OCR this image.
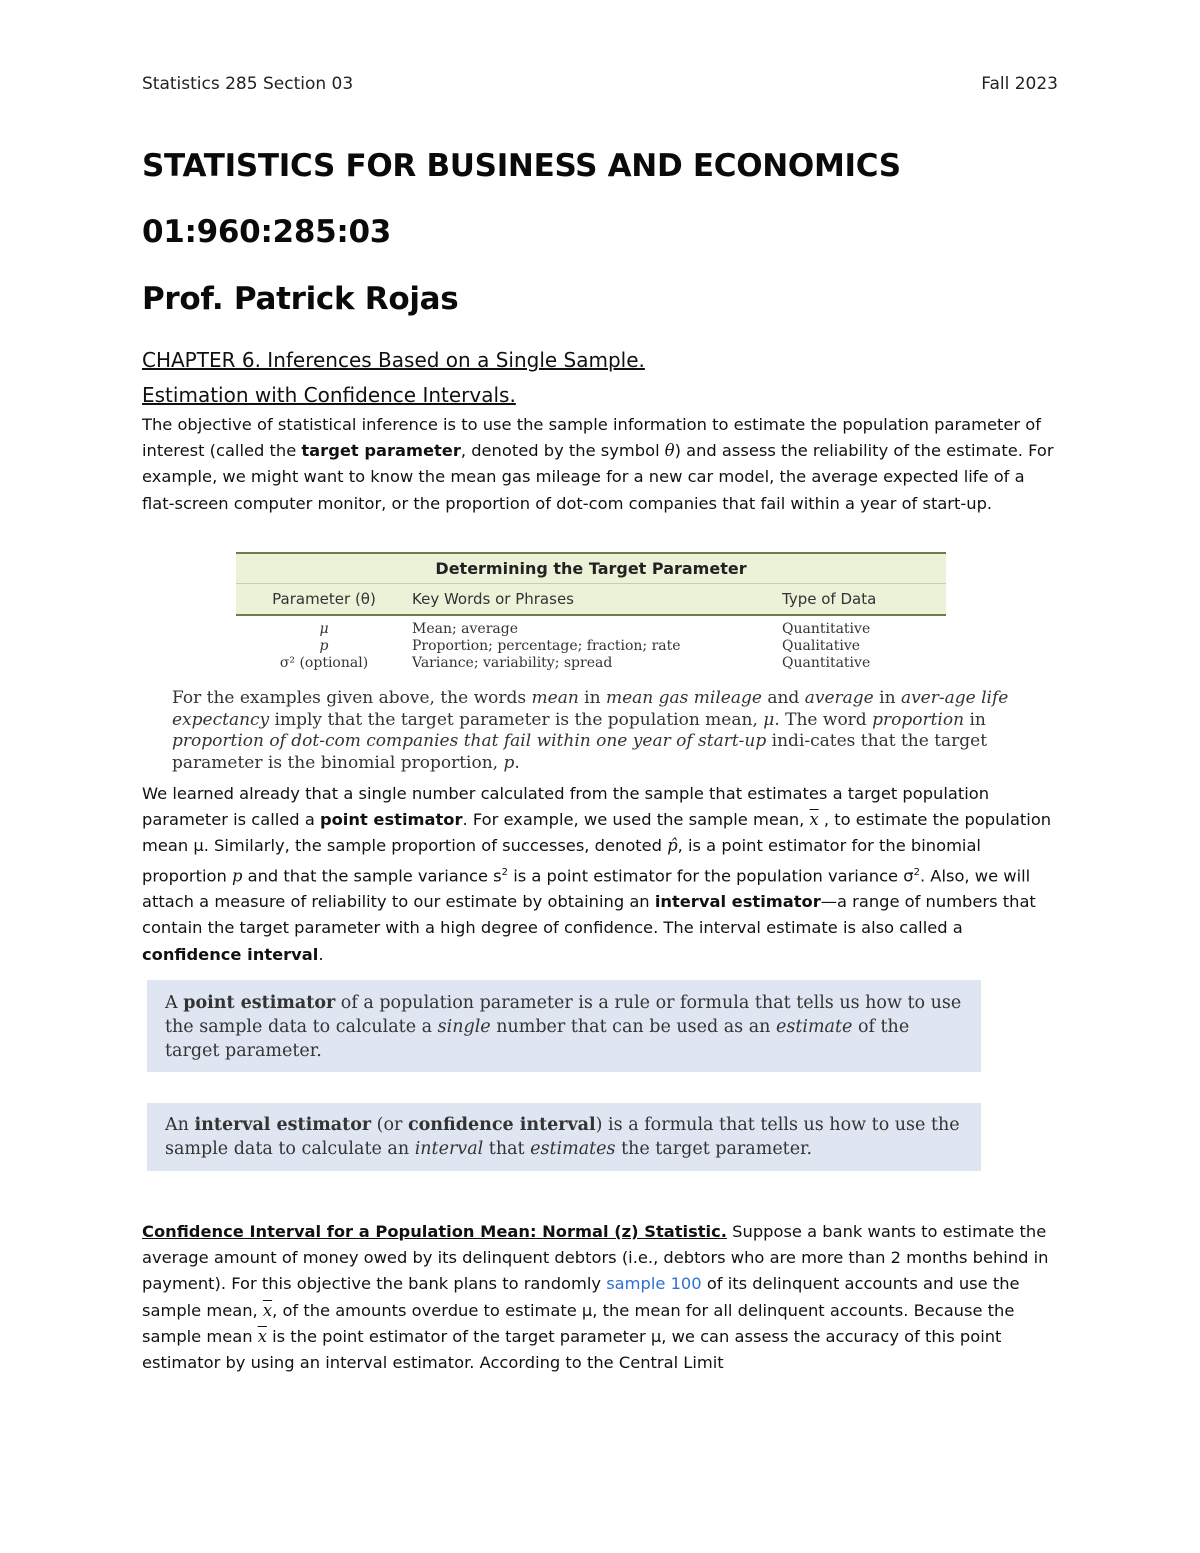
Statistics 285 Section 03	Fall 2023
STATISTICS FOR BUSINESS AND ECONOMICS
01:960:285:03
Prof. Patrick Rojas
CHAPTER 6. Inferences Based on a Single Sample.
Estimation with Confidence Intervals.
The objective of statistical inference is to use the sample information to estimate the population parameter of interest (called the target parameter, denoted by the symbol θ) and assess the reliability of the estimate. For example, we might want to know the mean gas mileage for a new car model, the average expected life of a flat-screen computer monitor, or the proportion of dot-com companies that fail within a year of start-up.
Determining the Target Parameter
Parameter (θ)	Key Words or Phrases	Type of Data
μ	Mean; average	Quantitative
p	Proportion; percentage; fraction; rate	Qualitative
σ² (optional)	Variance; variability; spread	Quantitative
For the examples given above, the words mean in mean gas mileage and average in aver-age life expectancy imply that the target parameter is the population mean, μ. The word proportion in proportion of dot-com companies that fail within one year of start-up indi-cates that the target parameter is the binomial proportion, p.
We learned already that a single number calculated from the sample that estimates a target population parameter is called a point estimator. For example, we used the sample mean, $\overline{x}$ , to estimate the population mean μ. Similarly, the sample proportion of successes, denoted p̂, is a point estimator for the binomial proportion p and that the sample variance $s^2$ is a point estimator for the population variance $\sigma^2$. Also, we will attach a measure of reliability to our estimate by obtaining an interval estimator—a range of numbers that contain the target parameter with a high degree of confidence. The interval estimate is also called a confidence interval.
A point estimator of a population parameter is a rule or formula that tells us how to use the sample data to calculate a single number that can be used as an estimate of the target parameter.
An interval estimator (or confidence interval) is a formula that tells us how to use the sample data to calculate an interval that estimates the target parameter.
Confidence Interval for a Population Mean: Normal (z) Statistic. Suppose a bank wants to estimate the average amount of money owed by its delinquent debtors (i.e., debtors who are more than 2 months behind in payment). For this objective the bank plans to randomly sample 100 of its delinquent accounts and use the sample mean, $\overline{x}$, of the amounts overdue to estimate μ, the mean for all delinquent accounts. Because the sample mean $\overline{x}$ is the point estimator of the target parameter μ, we can assess the accuracy of this point estimator by using an interval estimator. According to the Central Limit
